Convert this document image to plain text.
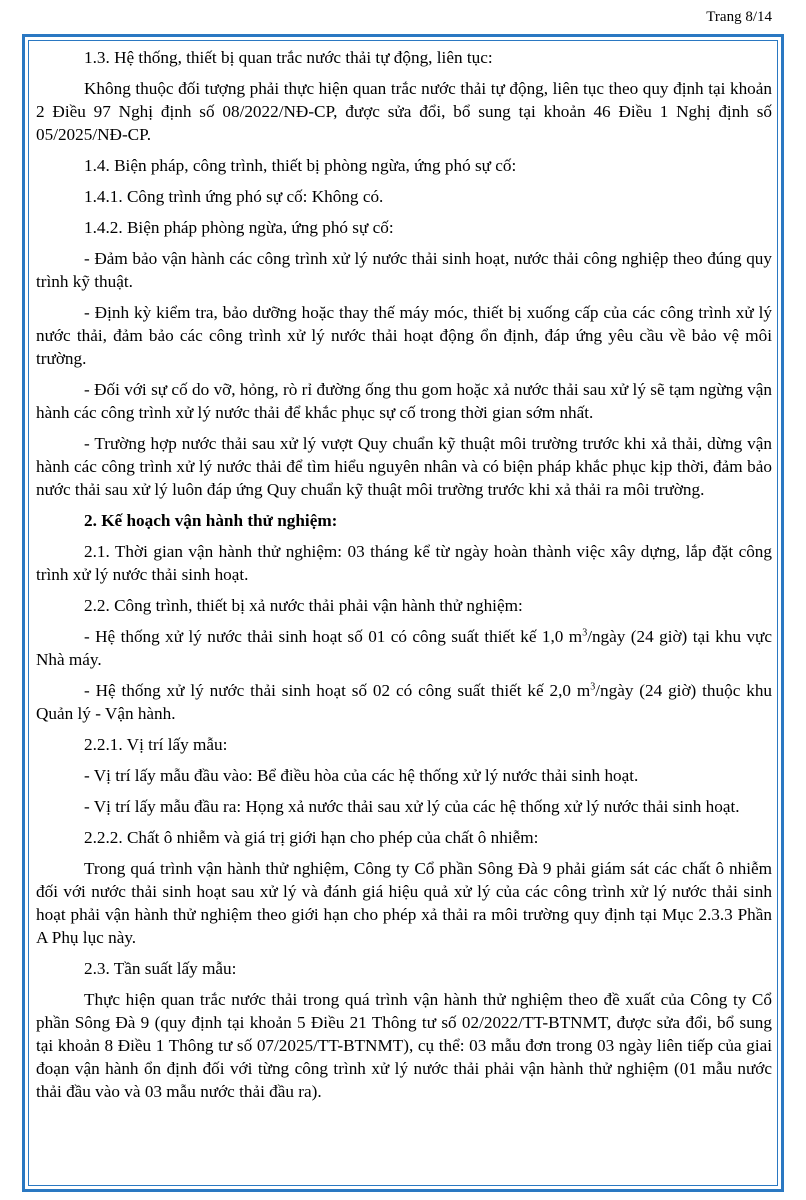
Trang 8/14

1.3. Hệ thống, thiết bị quan trắc nước thải tự động, liên tục:

Không thuộc đối tượng phải thực hiện quan trắc nước thải tự động, liên tục theo quy định tại khoản 2 Điều 97 Nghị định số 08/2022/NĐ-CP, được sửa đổi, bổ sung tại khoản 46 Điều 1 Nghị định số 05/2025/NĐ-CP.

1.4. Biện pháp, công trình, thiết bị phòng ngừa, ứng phó sự cố:

1.4.1. Công trình ứng phó sự cố: Không có.

1.4.2. Biện pháp phòng ngừa, ứng phó sự cố:

- Đảm bảo vận hành các công trình xử lý nước thải sinh hoạt, nước thải công nghiệp theo đúng quy trình kỹ thuật.

- Định kỳ kiểm tra, bảo dưỡng hoặc thay thế máy móc, thiết bị xuống cấp của các công trình xử lý nước thải, đảm bảo các công trình xử lý nước thải hoạt động ổn định, đáp ứng yêu cầu về bảo vệ môi trường.

- Đối với sự cố do vỡ, hỏng, rò rỉ đường ống thu gom hoặc xả nước thải sau xử lý sẽ tạm ngừng vận hành các công trình xử lý nước thải để khắc phục sự cố trong thời gian sớm nhất.

- Trường hợp nước thải sau xử lý vượt Quy chuẩn kỹ thuật môi trường trước khi xả thải, dừng vận hành các công trình xử lý nước thải để tìm hiểu nguyên nhân và có biện pháp khắc phục kịp thời, đảm bảo nước thải sau xử lý luôn đáp ứng Quy chuẩn kỹ thuật môi trường trước khi xả thải ra môi trường.

2. Kế hoạch vận hành thử nghiệm:

2.1. Thời gian vận hành thử nghiệm: 03 tháng kể từ ngày hoàn thành việc xây dựng, lắp đặt công trình xử lý nước thải sinh hoạt.

2.2. Công trình, thiết bị xả nước thải phải vận hành thử nghiệm:

- Hệ thống xử lý nước thải sinh hoạt số 01 có công suất thiết kế 1,0 $m^3$/ngày (24 giờ) tại khu vực Nhà máy.

- Hệ thống xử lý nước thải sinh hoạt số 02 có công suất thiết kế 2,0 $m^3$/ngày (24 giờ) thuộc khu Quản lý - Vận hành.

2.2.1. Vị trí lấy mẫu:

- Vị trí lấy mẫu đầu vào: Bể điều hòa của các hệ thống xử lý nước thải sinh hoạt.

- Vị trí lấy mẫu đầu ra: Họng xả nước thải sau xử lý của các hệ thống xử lý nước thải sinh hoạt.

2.2.2. Chất ô nhiễm và giá trị giới hạn cho phép của chất ô nhiễm:

Trong quá trình vận hành thử nghiệm, Công ty Cổ phần Sông Đà 9 phải giám sát các chất ô nhiễm đối với nước thải sinh hoạt sau xử lý và đánh giá hiệu quả xử lý của các công trình xử lý nước thải sinh hoạt phải vận hành thử nghiệm theo giới hạn cho phép xả thải ra môi trường quy định tại Mục 2.3.3 Phần A Phụ lục này.

2.3. Tần suất lấy mẫu:

Thực hiện quan trắc nước thải trong quá trình vận hành thử nghiệm theo đề xuất của Công ty Cổ phần Sông Đà 9 (quy định tại khoản 5 Điều 21 Thông tư số 02/2022/TT-BTNMT, được sửa đổi, bổ sung tại khoản 8 Điều 1 Thông tư số 07/2025/TT-BTNMT), cụ thể: 03 mẫu đơn trong 03 ngày liên tiếp của giai đoạn vận hành ổn định đối với từng công trình xử lý nước thải phải vận hành thử nghiệm (01 mẫu nước thải đầu vào và 03 mẫu nước thải đầu ra).
